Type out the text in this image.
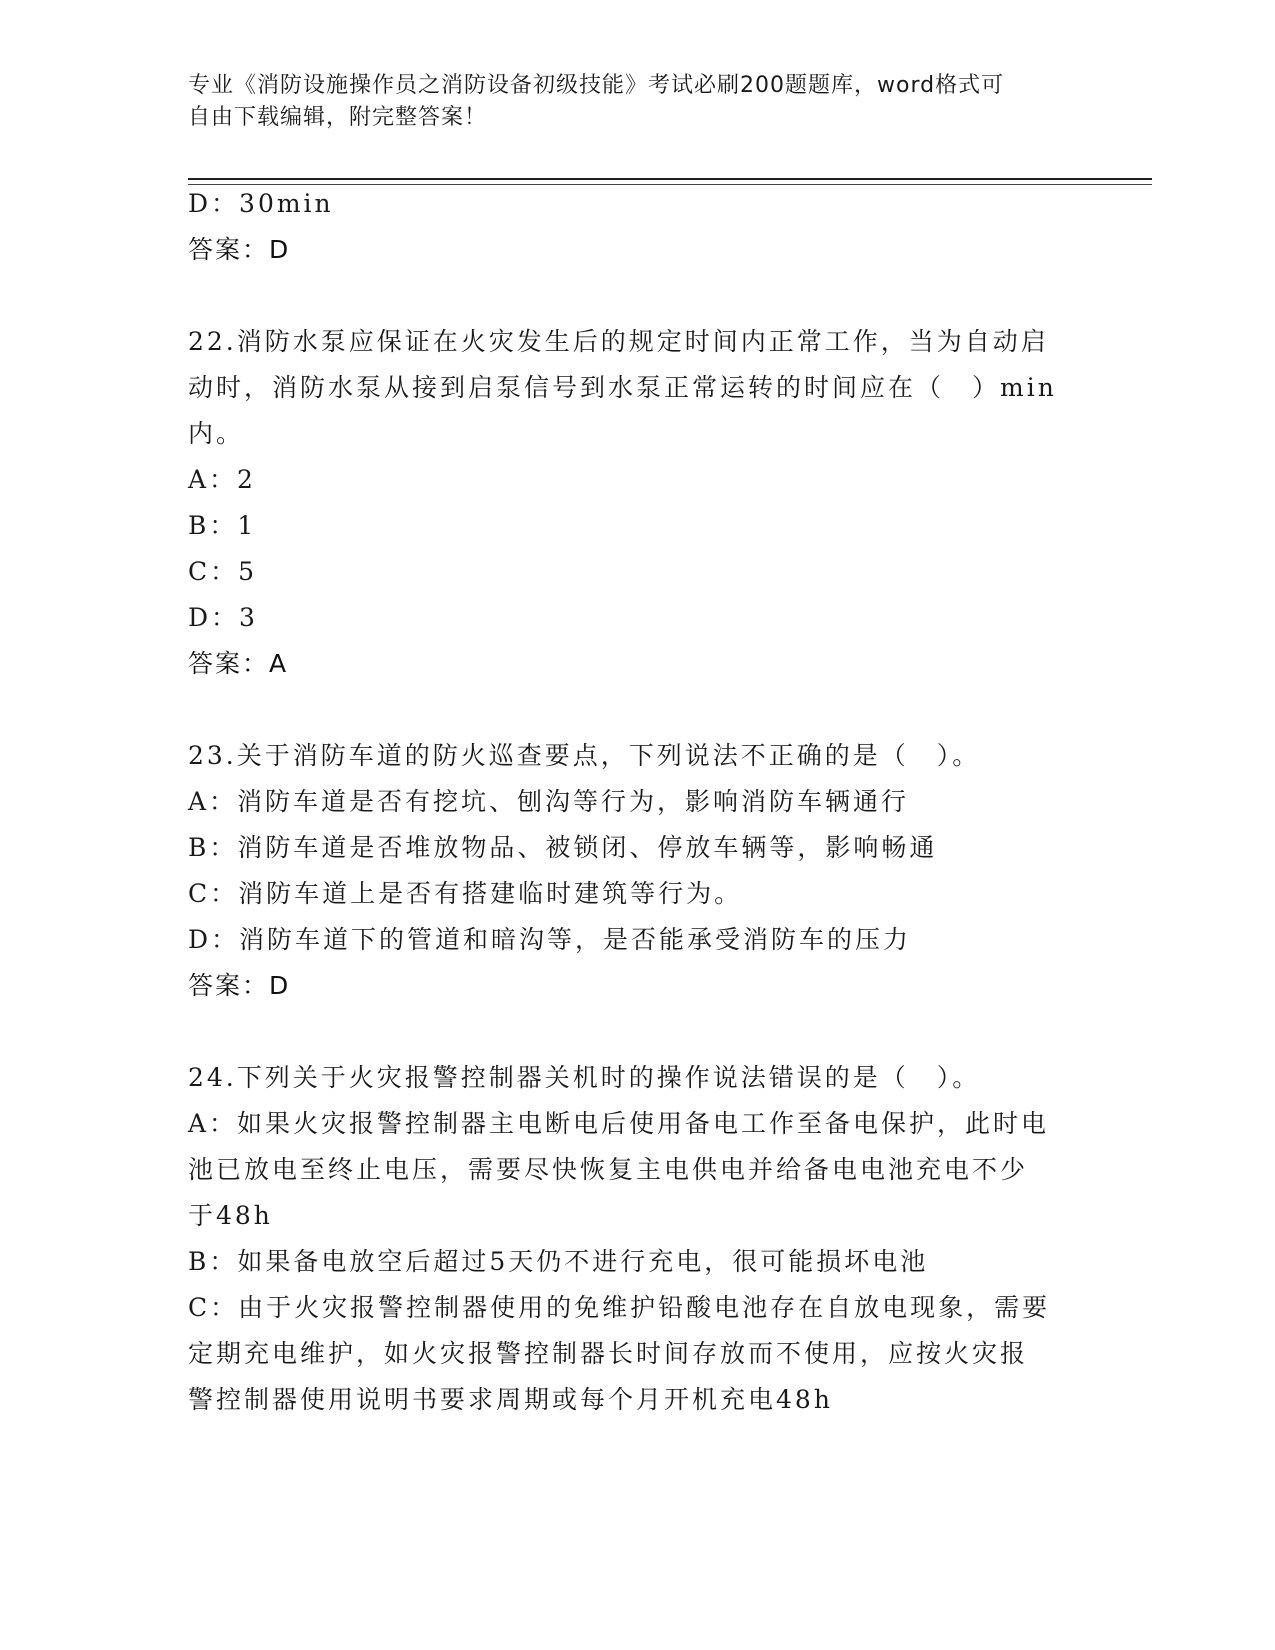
专业《消防设施操作员之消防设备初级技能》考试必刷200题题库，word格式可
自由下载编辑，附完整答案！
D：30min
答案：D
22.消防水泵应保证在火灾发生后的规定时间内正常工作，当为自动启
动时，消防水泵从接到启泵信号到水泵正常运转的时间应在（　）min
内。
A：2
B：1
C：5
D：3
答案：A
23.关于消防车道的防火巡查要点，下列说法不正确的是（　）。
A：消防车道是否有挖坑、刨沟等行为，影响消防车辆通行
B：消防车道是否堆放物品、被锁闭、停放车辆等，影响畅通
C：消防车道上是否有搭建临时建筑等行为。
D：消防车道下的管道和暗沟等，是否能承受消防车的压力
答案：D
24.下列关于火灾报警控制器关机时的操作说法错误的是（　）。
A：如果火灾报警控制器主电断电后使用备电工作至备电保护，此时电
池已放电至终止电压，需要尽快恢复主电供电并给备电电池充电不少
于48h
B：如果备电放空后超过5天仍不进行充电，很可能损坏电池
C：由于火灾报警控制器使用的免维护铅酸电池存在自放电现象，需要
定期充电维护，如火灾报警控制器长时间存放而不使用，应按火灾报
警控制器使用说明书要求周期或每个月开机充电48h
